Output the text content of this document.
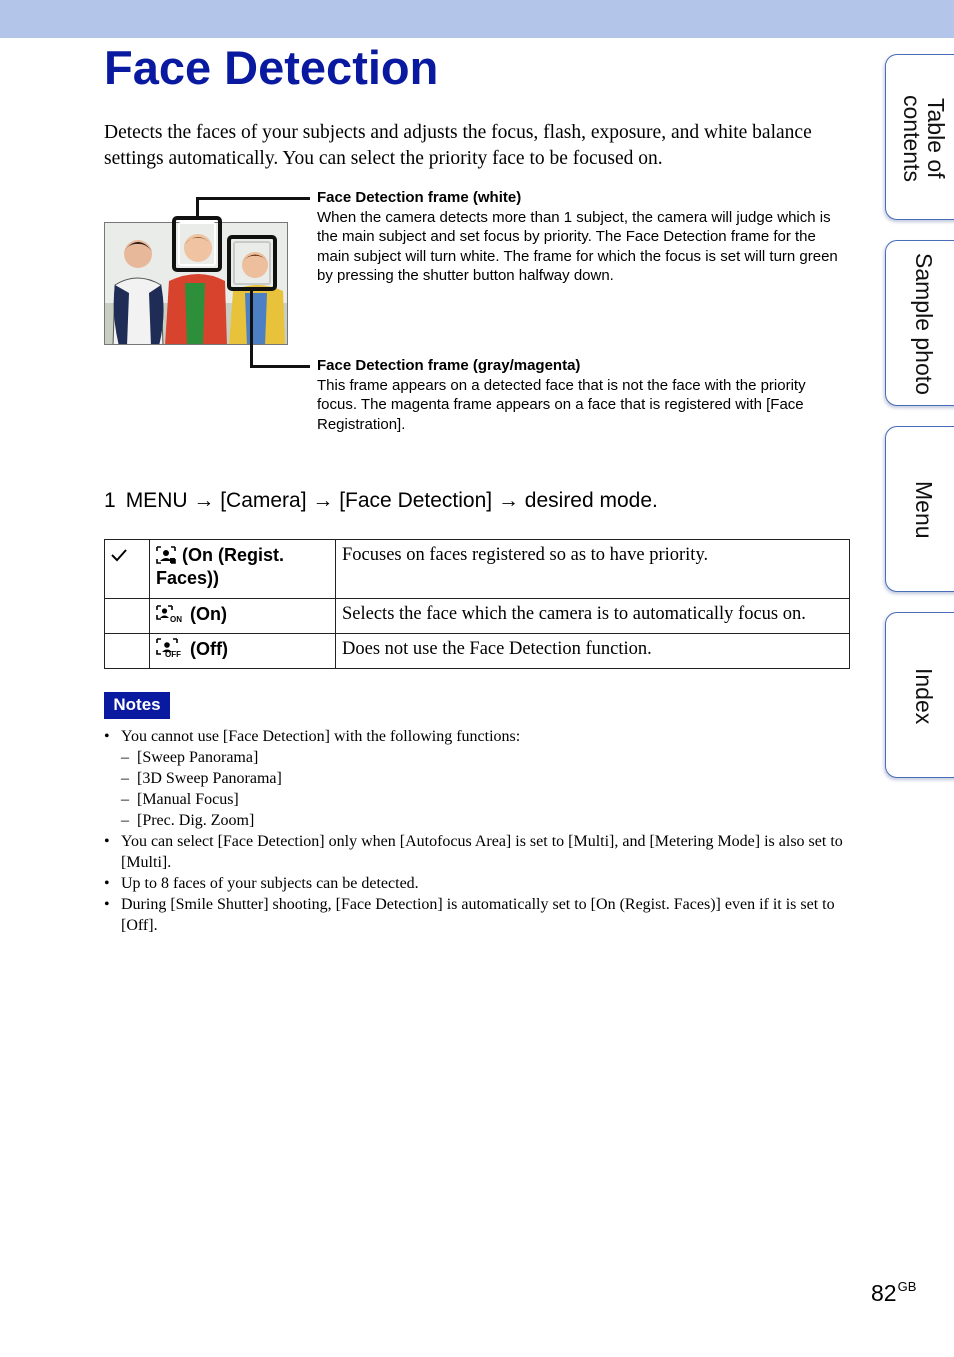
Face Detection

Detects the faces of your subjects and adjusts the focus, flash, exposure, and white balance settings automatically. You can select the priority face to be focused on.

Face Detection frame (white)
When the camera detects more than 1 subject, the camera will judge which is the main subject and set focus by priority. The Face Detection frame for the main subject will turn white. The frame for which the focus is set will turn green by pressing the shutter button halfway down.
Face Detection frame (gray/magenta)
This frame appears on a detected face that is not the face with the priority focus. The magenta frame appears on a face that is registered with [Face Registration].
1 MENU → [Camera] → [Face Detection] → desired mode.

(On (Regist. Faces))	Focuses on faces registered so as to have priority.

ON (On)	Selects the face which the camera is to automatically focus on.

OFF (Off)	Does not use the Face Detection function.
Notes
• You cannot use [Face Detection] with the following functions:
– [Sweep Panorama]
– [3D Sweep Panorama]
– [Manual Focus]
– [Prec. Dig. Zoom]
• You can select [Face Detection] only when [Autofocus Area] is set to [Multi], and [Metering Mode] is also set to [Multi].
• Up to 8 faces of your subjects can be detected.
• During [Smile Shutter] shooting, [Face Detection] is automatically set to [On (Regist. Faces)] even if it is set to [Off].
Table of contents
Sample photo
Menu
Index
$82^{GB}$
